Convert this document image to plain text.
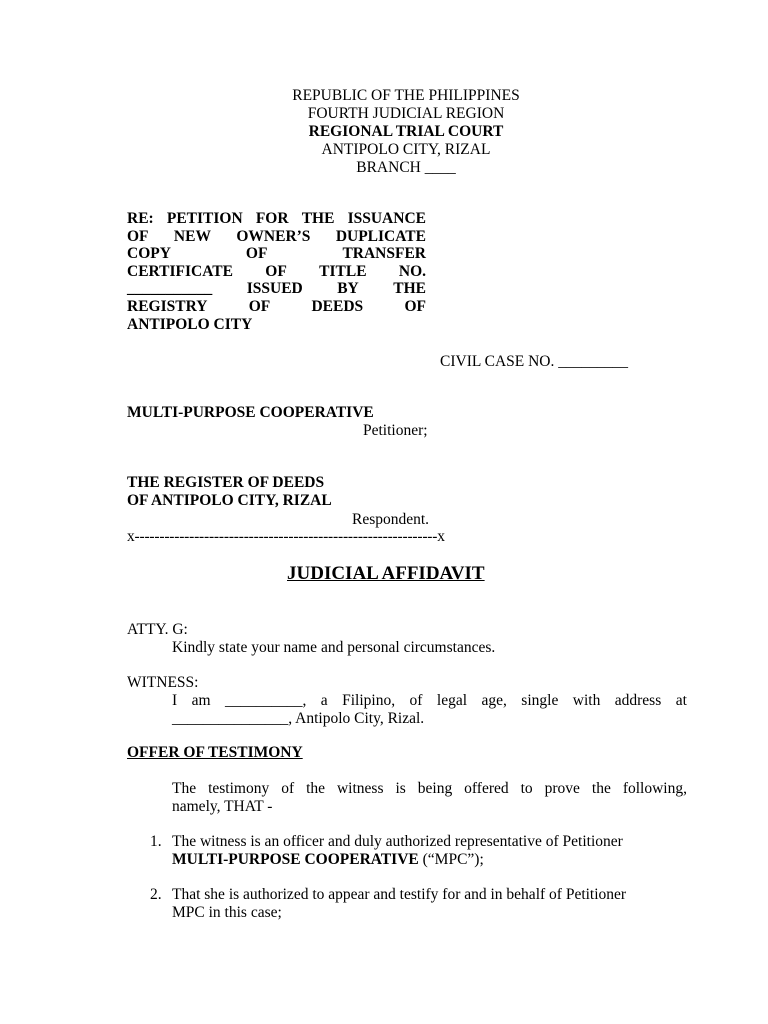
REPUBLIC OF THE PHILIPPINES
FOURTH JUDICIAL REGION
REGIONAL TRIAL COURT
ANTIPOLO CITY, RIZAL
BRANCH ____
RE: PETITION FOR THE ISSUANCE
OF NEW OWNER’S DUPLICATE
COPY	OF	TRANSFER
CERTIFICATE OF TITLE NO.
___________ ISSUED BY THE
REGISTRY	OF	DEEDS	OF
ANTIPOLO CITY
CIVIL CASE NO. _________
MULTI-PURPOSE COOPERATIVE
Petitioner;
THE REGISTER OF DEEDS
OF ANTIPOLO CITY, RIZAL
Respondent.
x-------------------------------------------------------------x
JUDICIAL AFFIDAVIT
ATTY. G:
Kindly state your name and personal circumstances.
WITNESS:
I am __________, a Filipino, of legal age, single with address at
_______________, Antipolo City, Rizal.
OFFER OF TESTIMONY
The testimony of the witness is being offered to prove the following,
namely, THAT -
1. The witness is an officer and duly authorized representative of Petitioner
MULTI-PURPOSE COOPERATIVE (“MPC”);
2. That she is authorized to appear and testify for and in behalf of Petitioner
MPC in this case;
